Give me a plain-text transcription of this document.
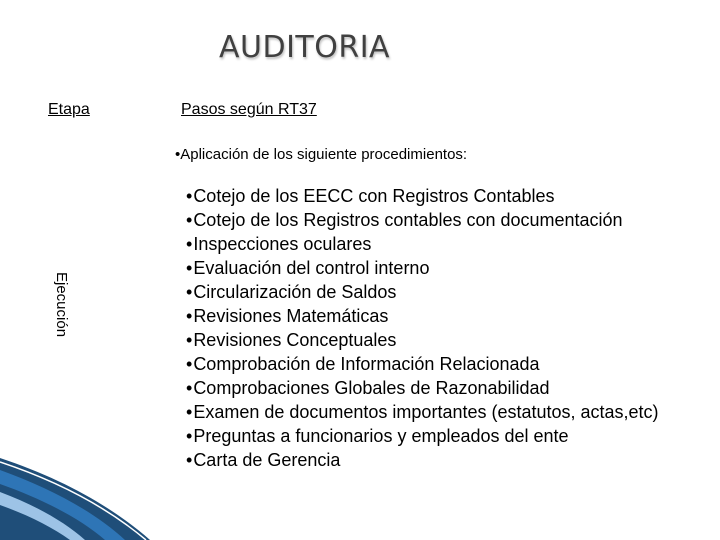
AUDITORIA
Etapa	Pasos según RT37
•Aplicación de los siguiente procedimientos:
Ejecución
•Cotejo de los EECC con Registros Contables
•Cotejo de los Registros contables con documentación
•Inspecciones oculares
•Evaluación del control interno
•Circularización de Saldos
•Revisiones Matemáticas
•Revisiones Conceptuales
•Comprobación de Información Relacionada
•Comprobaciones Globales de Razonabilidad
•Examen de documentos importantes (estatutos, actas,etc)
•Preguntas a funcionarios y empleados del ente
•Carta de Gerencia
